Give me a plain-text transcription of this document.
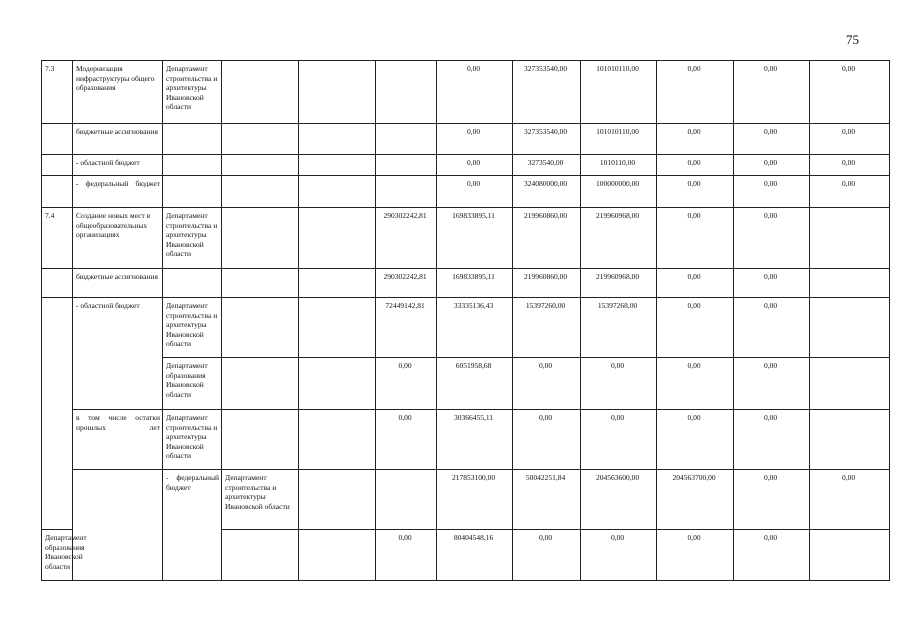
75
7.3	Модернизация инфраструктуры общего образования	Департамент строительства и архитектуры Ивановской области				0,00	327353540,00	101010110,00	0,00	0,00	0,00	
	бюджетные ассигнования					0,00	327353540,00	101010110,00	0,00	0,00	0,00	
	- областной бюджет					0,00	3273540,00	1010110,00	0,00	0,00	0,00	
	- федеральный бюджет					0,00	324080000,00	100000000,00	0,00	0,00	0,00	
7.4	Создание новых мест в общеобразовательных организациях	Департамент строительства и архитектуры Ивановской области			290302242,81	169833895,11	219960860,00	219960968,00	0,00	0,00		
	бюджетные ассигнования				290302242,81	169833895,11	219960860,00	219960968,00	0,00	0,00		
	- областной бюджет	Департамент строительства и архитектуры Ивановской области			72449142,81	33335136,43	15397260,00	15397268,00	0,00	0,00		
		Департамент образования Ивановской области			0,00	6051958,68	0,00	0,00	0,00	0,00		
	в том числе остатки прошлых лет	Департамент строительства и архитектуры Ивановской области			0,00	30366455,11	0,00	0,00	0,00	0,00		
		- федеральный бюджет	Департамент строительства и архитектуры Ивановской области			217853100,00	50042251,84	204563600,00	204563700,00	0,00	0,00	
Департамент образования Ивановской области					0,00	80404548,16	0,00	0,00	0,00	0,00		
